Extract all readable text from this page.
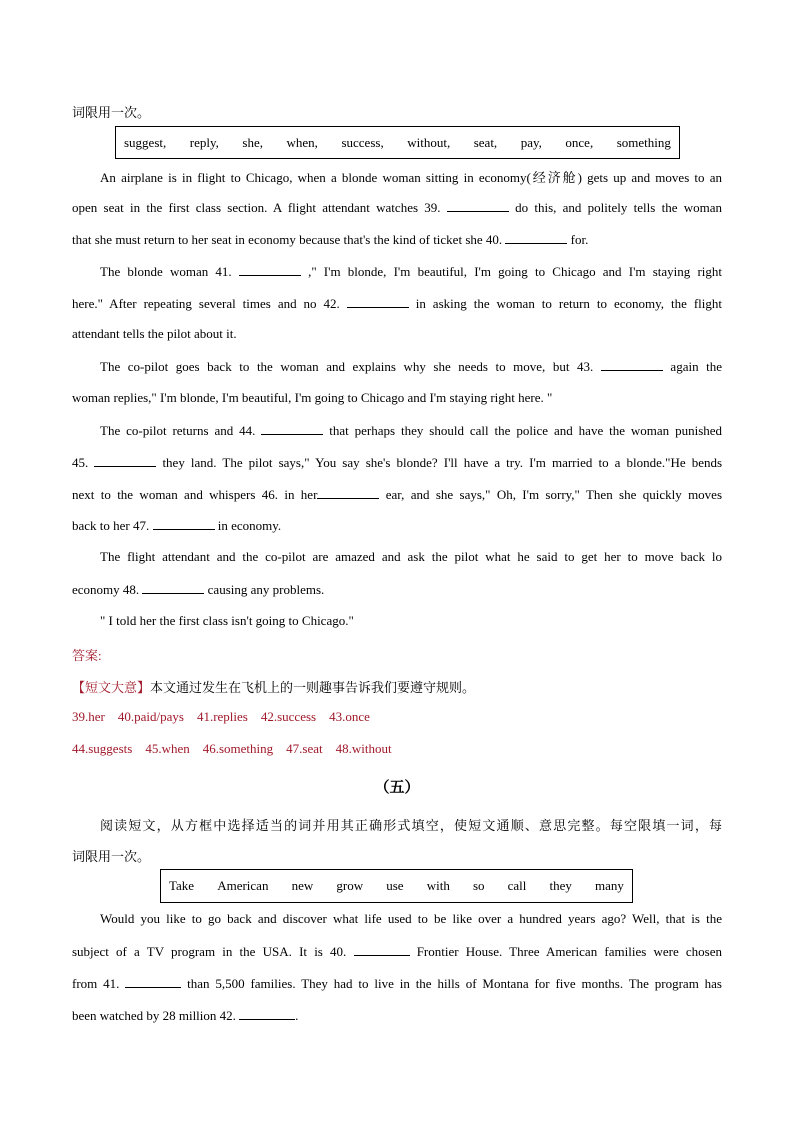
词限用一次。
suggest, reply, she, when, success, without, seat, pay, once, something
An airplane is in flight to Chicago, when a blonde woman sitting in economy(经济舱) gets up and moves to an
open seat in the first class section. A flight attendant watches 39.	do this, and politely tells the woman
that she must return to her seat in economy because that's the kind of ticket she 40.	for.
The blonde woman 41.	," I'm blonde, I'm beautiful, I'm going to Chicago and I'm staying right
here." After repeating several times and no 42.	in asking the woman to return to economy, the flight
attendant tells the pilot about it.
The co-pilot goes back to the woman and explains why she needs to move, but 43.	again the
woman replies," I'm blonde, I'm beautiful, I'm going to Chicago and I'm staying right here. "
The co-pilot returns and 44.	that perhaps they should call the police and have the woman punished
45.	they land. The pilot says," You say she's blonde? I'll have a try. I'm married to a blonde."He bends
next to the woman and whispers 46. in her	ear, and she says," Oh, I'm sorry," Then she quickly moves
back to her 47.	in economy.
The flight attendant and the co-pilot are amazed and ask the pilot what he said to get her to move back lo
economy 48.	causing any problems.
" I told her the first class isn't going to Chicago."
答案:
【短文大意】本文通过发生在飞机上的一则趣事告诉我们要遵守规则。
39.her 40.paid/pays 41.replies 42.success 43.once
44.suggests 45.when 46.something 47.seat 48.without
（五）
阅读短文，从方框中选择适当的词并用其正确形式填空，使短文通顺、意思完整。每空限填一词，每
词限用一次。
Take American new grow use with so call they many
Would you like to go back and discover what life used to be like over a hundred years ago? Well, that is the
subject of a TV program in the USA. It is 40.	Frontier House. Three American families were chosen
from 41.	than 5,500 families. They had to live in the hills of Montana for five months. The program has
been watched by 28 million 42.	.
